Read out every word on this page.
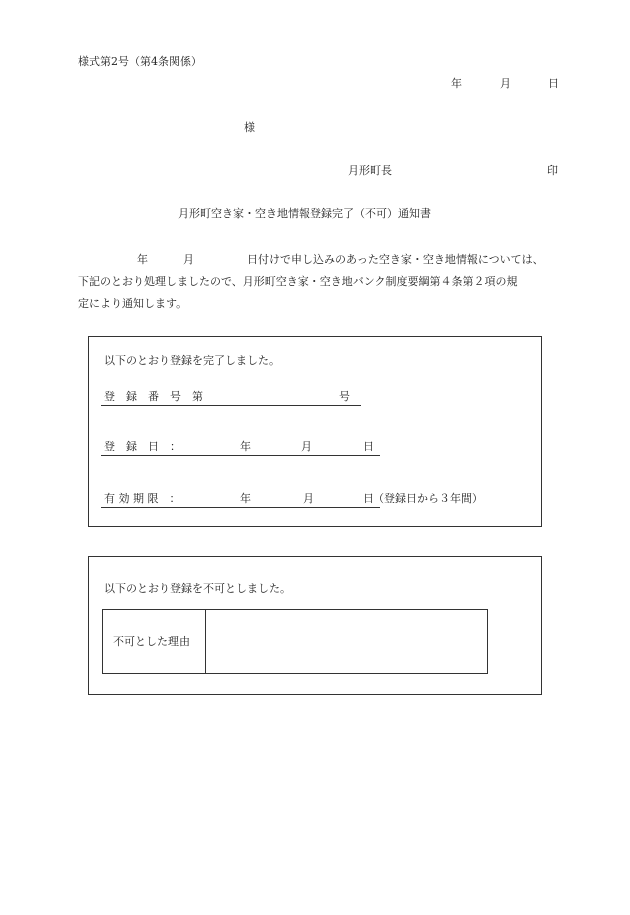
様式第2号（第4条関係）
年	月	日
様
月形町長	印
月形町空き家・空き地情報登録完了（不可）通知書
年	月	日付けで申し込みのあった空き家・空き地情報については、
下記のとおり処理しましたので、月形町空き家・空き地バンク制度要綱第４条第２項の規
定により通知します。
以下のとおり登録を完了しました。
登　録　番　号　第	号
登　録　日　：	年	月	日
有 効 期 限　：	年	月	日 （登録日から３年間）
以下のとおり登録を不可としました。
不可とした理由
